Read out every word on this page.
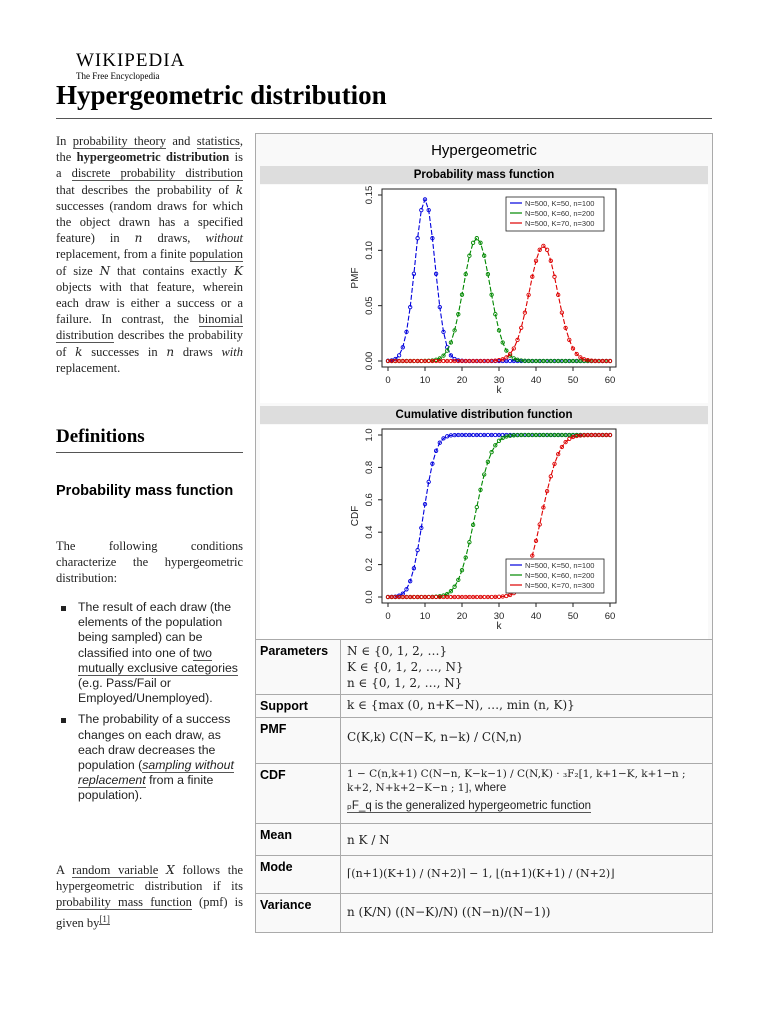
WIKIPEDIA
The Free Encyclopedia
Hypergeometric distribution

In probability theory and statistics, the hypergeometric distribution is a discrete probability distribution that describes the probability of k successes (random draws for which the object drawn has a specified feature) in n draws, without replacement, from a finite population of size N that contains exactly K objects with that feature, wherein each draw is either a success or a failure. In contrast, the binomial distribution describes the probability of k successes in n draws with replacement.

Definitions
Probability mass function

The following conditions characterize the hypergeometric distribution:

The result of each draw (the elements of the population being sampled) can be classified into one of two mutually exclusive categories (e.g. Pass/Fail or Employed/Unemployed).
The probability of a success changes on each draw, as each draw decreases the population (sampling without replacement from a finite population).

A random variable X follows the hypergeometric distribution if its probability mass function (pmf) is given by[1]

Hypergeometric
Probability mass function
0	10	20	30	40	50	60
0.00
0.05
0.10
0.15
k
PMF
N=500, K=50, n=100
N=500, K=60, n=200
N=500, K=70, n=300
Cumulative distribution function
0	10	20	30	40	50	60
0.0
0.2
0.4
0.6
0.8
1.0
k
CDF
N=500, K=50, n=100
N=500, K=60, n=200
N=500, K=70, n=300
Parameters	N ∈ {0, 1, 2, …}
K ∈ {0, 1, 2, …, N}
n ∈ {0, 1, 2, …, N}

Support	k ∈ {max (0, n+K−N), …, min (n, K)}
PMF	C(K,k) C(N−K, n−k) / C(N,n)
CDF	1 − C(n,k+1) C(N−n, K−k−1) / C(N,K) · ₃F₂[1, k+1−K, k+1−n ; k+2, N+k+2−K−n ; 1], where
ₚF_q is the generalized hypergeometric function

Mean	n K / N
Mode	⌈(n+1)(K+1) / (N+2)⌉ − 1, ⌊(n+1)(K+1) / (N+2)⌋
Variance	n (K/N) ((N−K)/N) ((N−n)/(N−1))
